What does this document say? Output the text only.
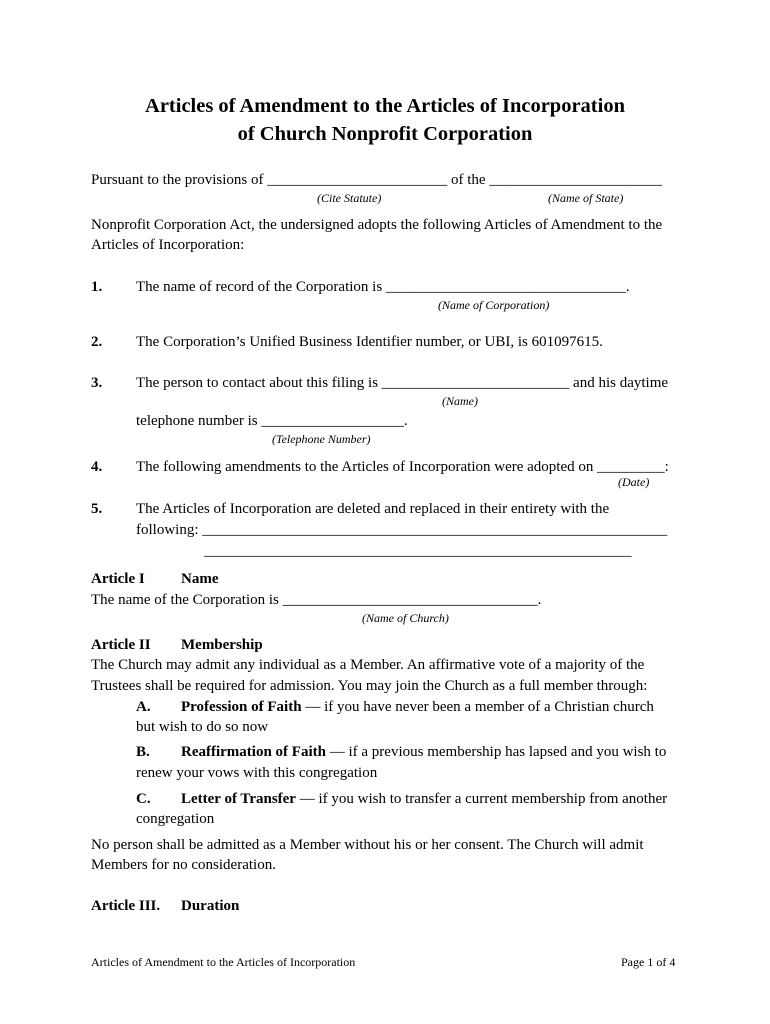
Articles of Amendment to the Articles of Incorporation
of Church Nonprofit Corporation
Pursuant to the provisions of ________________________ of the _______________________
(Cite Statute)	(Name of State)
Nonprofit Corporation Act, the undersigned adopts the following Articles of Amendment to the
Articles of Incorporation:
1. The name of record of the Corporation is ________________________________.
(Name of Corporation)
2. The Corporation’s Unified Business Identifier number, or UBI, is 601097615.
3. The person to contact about this filing is _________________________ and his daytime
(Name)
telephone number is ___________________.
(Telephone Number)
4. The following amendments to the Articles of Incorporation were adopted on _________:
(Date)
5. The Articles of Incorporation are deleted and replaced in their entirety with the
following: ______________________________________________________________
_________________________________________________________
Article I Name
The name of the Corporation is __________________________________.
(Name of Church)
Article II Membership
The Church may admit any individual as a Member. An affirmative vote of a majority of the
Trustees shall be required for admission. You may join the Church as a full member through:
A. Profession of Faith — if you have never been a member of a Christian church
but wish to do so now
B. Reaffirmation of Faith — if a previous membership has lapsed and you wish to
renew your vows with this congregation
C. Letter of Transfer — if you wish to transfer a current membership from another
congregation
No person shall be admitted as a Member without his or her consent. The Church will admit
Members for no consideration.
Article III. Duration
Articles of Amendment to the Articles of Incorporation	Page 1 of 4
